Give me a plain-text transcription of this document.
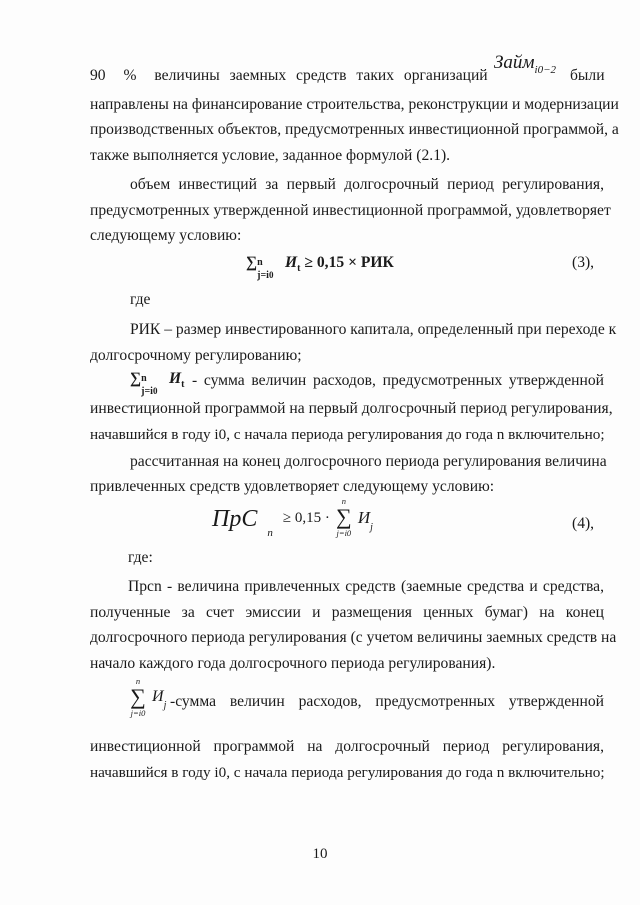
90 % величины заемных средств таких организаций
Займ$_{i0-2}$ были
направлены на финансирование строительства, реконструкции и модернизации
производственных объектов, предусмотренных инвестиционной программой, а
также выполняется условие, заданное формулой (2.1).
объем инвестиций за первый долгосрочный период регулирования,
предусмотренных утвержденной инвестиционной программой, удовлетворяет
следующему условию:
∑ n
j=i0
$И_t \ge 0,15$ × РИК	(3),
где
РИК – размер инвестированного капитала, определенный при переходе к
долгосрочному регулированию;
∑ n
j=i0
$И_t$ - сумма величин расходов, предусмотренных утвержденной
инвестиционной программой на первый долгосрочный период регулирования,
начавшийся в году i0, с начала периода регулирования до года n включительно;
рассчитанная на конец долгосрочного периода регулирования величина
привлеченных средств удовлетворяет следующему условию:
ПрС $_n$ ≥ 0,15 ·
n
∑
j=i0
$И_j$	(4),
где:
Прсn - величина привлеченных средств (заемные средства и средства,
полученные за счет эмиссии и размещения ценных бумаг) на конец
долгосрочного периода регулирования (с учетом величины заемных средств на
начало каждого года долгосрочного периода регулирования).
n
∑
j=i0
$И_j$ -сумма величин расходов, предусмотренных утвержденной
инвестиционной программой на долгосрочный период регулирования,
начавшийся в году i0, с начала периода регулирования до года n включительно;
10
